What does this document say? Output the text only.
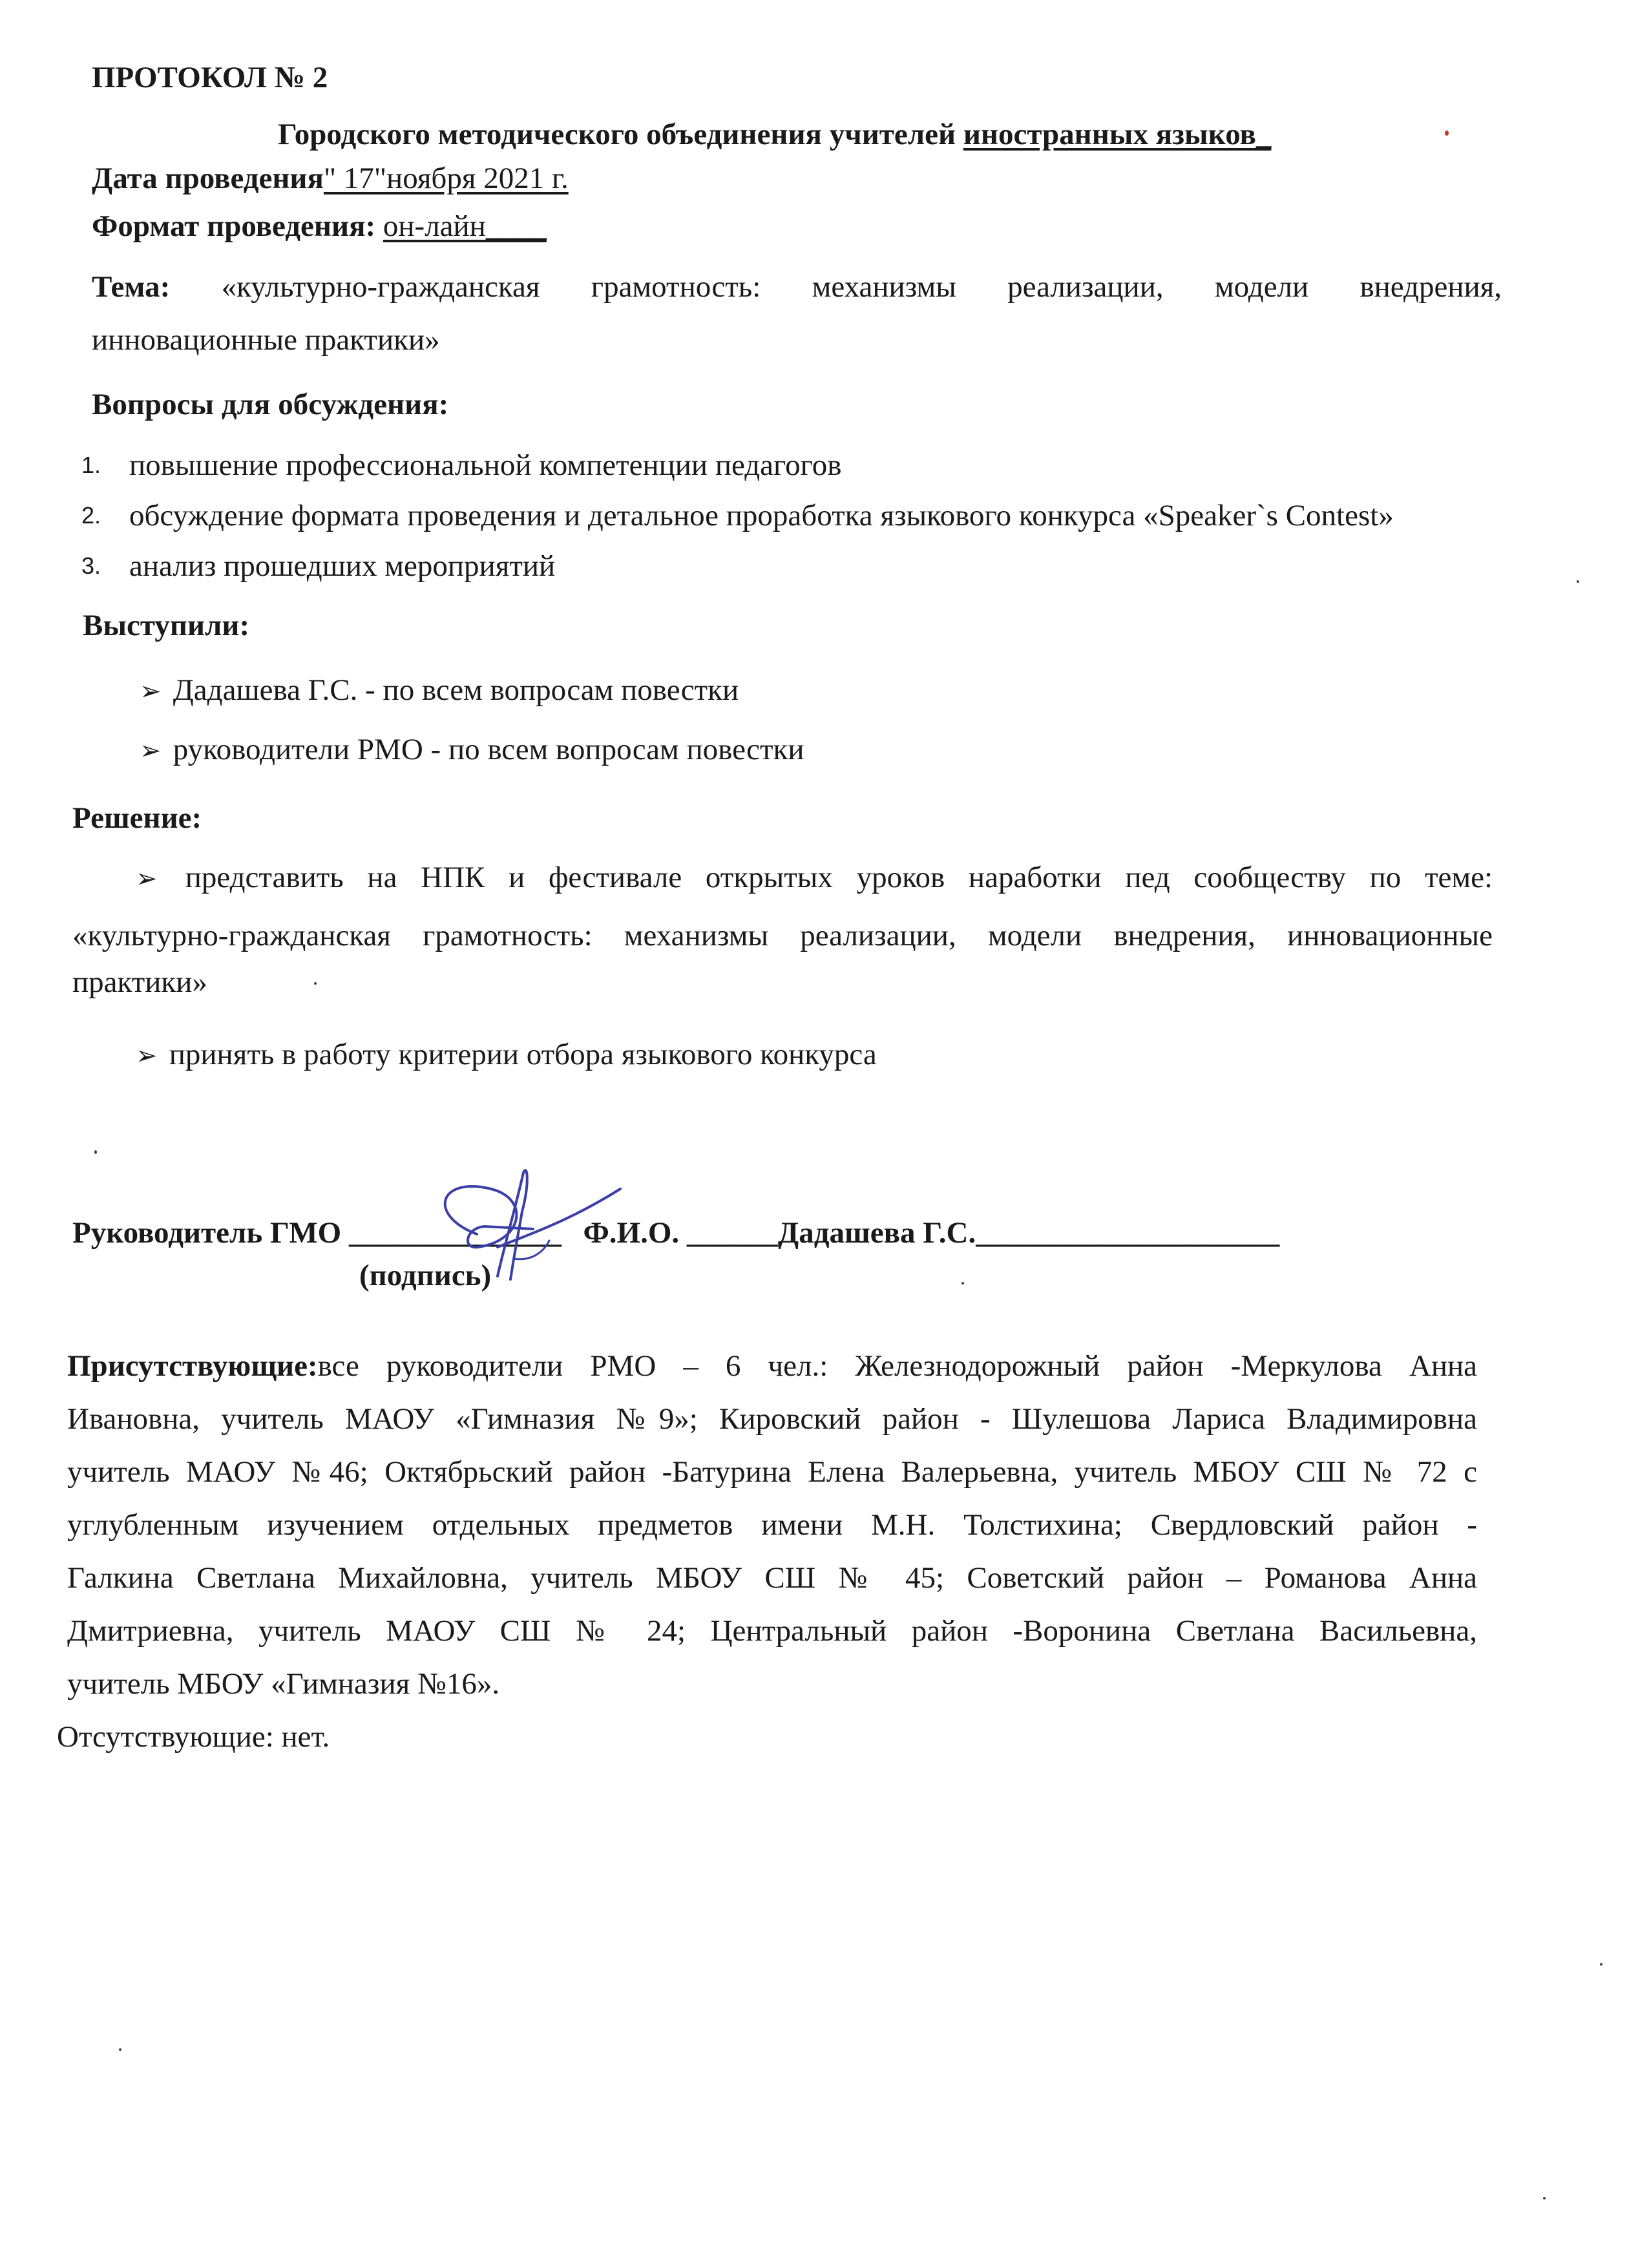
ПРОТОКОЛ № 2
Городского методического объединения учителей иностранных языков_
Дата проведения" 17"ноября 2021 г.
Формат проведения: он-лайн____
Тема: «культурно-гражданская грамотность: механизмы реализации, модели внедрения,
инновационные практики»
Вопросы для обсуждения:
1. повышение профессиональной компетенции педагогов
2. обсуждение формата проведения и детальное проработка языкового конкурса «Speaker`s Contest»
3. анализ прошедших мероприятий
Выступили:
➢ Дадашева Г.С. - по всем вопросам повестки
➢ руководители РМО - по всем вопросам повестки
Решение:
➢ представить на НПК и фестивале открытых уроков наработки пед сообществу по теме:
«культурно-гражданская грамотность: механизмы реализации, модели внедрения, инновационные
практики»
➢ принять в работу критерии отбора языкового конкурса
Руководитель ГМО ______________ Ф.И.О. ______Дадашева Г.С.____________________
(подпись)
Присутствующие:все руководители РМО – 6 чел.: Железнодорожный район -Меркулова Анна
Ивановна, учитель МАОУ «Гимназия №9»; Кировский район - Шулешова Лариса Владимировна
учитель МАОУ №46; Октябрьский район -Батурина Елена Валерьевна, учитель МБОУ СШ № 72 с
углубленным изучением отдельных предметов имени М.Н. Толстихина; Свердловский район -
Галкина Светлана Михайловна, учитель МБОУ СШ № 45; Советский район – Романова Анна
Дмитриевна, учитель МАОУ СШ № 24; Центральный район -Воронина Светлана Васильевна,
учитель МБОУ «Гимназия №16».
Отсутствующие: нет.
